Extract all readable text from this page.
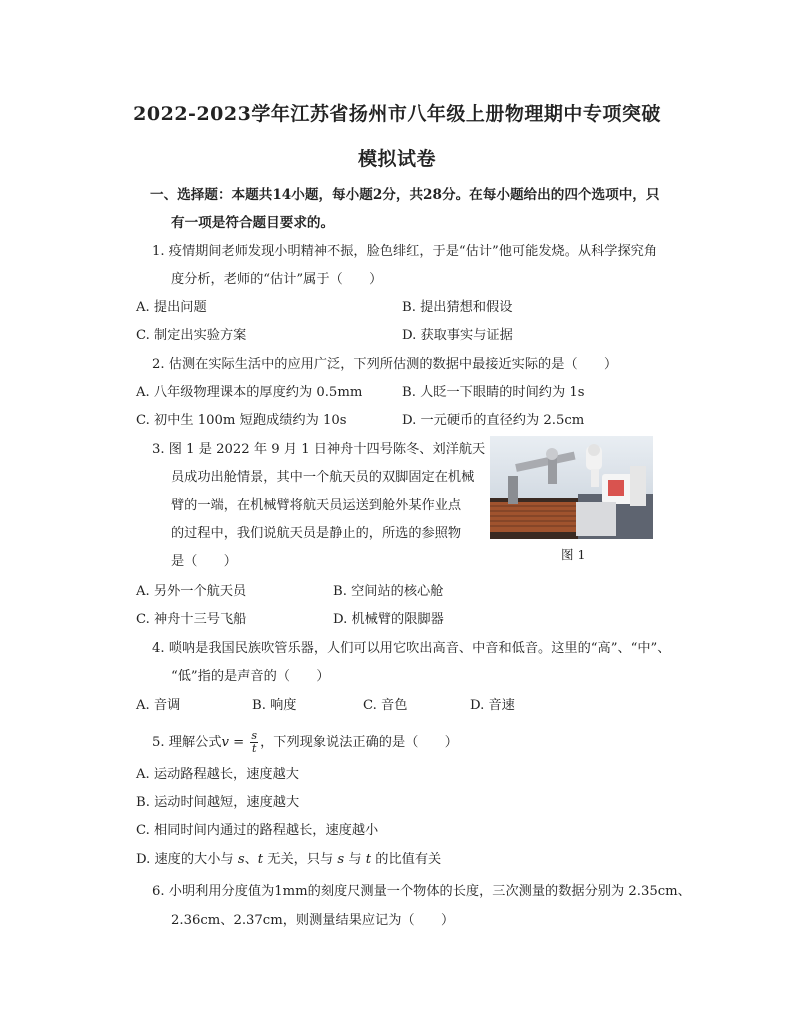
2022-2023学年江苏省扬州市八年级上册物理期中专项突破
模拟试卷
一、选择题：本题共14小题，每小题2分，共28分。在每小题给出的四个选项中，只
有一项是符合题目要求的。
1. 疫情期间老师发现小明精神不振，脸色绯红，于是“估计”他可能发烧。从科学探究角
度分析，老师的“估计”属于（　　）
A. 提出问题	B. 提出猜想和假设
C. 制定出实验方案	D. 获取事实与证据
2. 估测在实际生活中的应用广泛，下列所估测的数据中最接近实际的是（　　）
A. 八年级物理课本的厚度约为 0.5mm	B. 人眨一下眼睛的时间约为 1s
C. 初中生 100m 短跑成绩约为 10s	D. 一元硬币的直径约为 2.5cm
3. 图 1 是 2022 年 9 月 1 日神舟十四号陈冬、刘洋航天
员成功出舱情景，其中一个航天员的双脚固定在机械
臂的一端，在机械臂将航天员运送到舱外某作业点
的过程中，我们说航天员是静止的，所选的参照物
是（　　）	图 1
A. 另外一个航天员	B. 空间站的核心舱
C. 神舟十三号飞船	D. 机械臂的限脚器
4. 唢呐是我国民族吹管乐器，人们可以用它吹出高音、中音和低音。这里的“高”、“中”、
“低”指的是声音的（　　）
A. 音调	B. 响度	C. 音色	D. 音速
5. 理解公式$v = \frac{s}{t}$ ，下列现象说法正确的是（　　）
A. 运动路程越长，速度越大
B. 运动时间越短，速度越大
C. 相同时间内通过的路程越长，速度越小
D. 速度的大小与 s、t 无关，只与 s 与 t 的比值有关
6. 小明利用分度值为1mm的刻度尺测量一个物体的长度，三次测量的数据分别为 2.35cm、
2.36cm、2.37cm，则测量结果应记为（　　）
